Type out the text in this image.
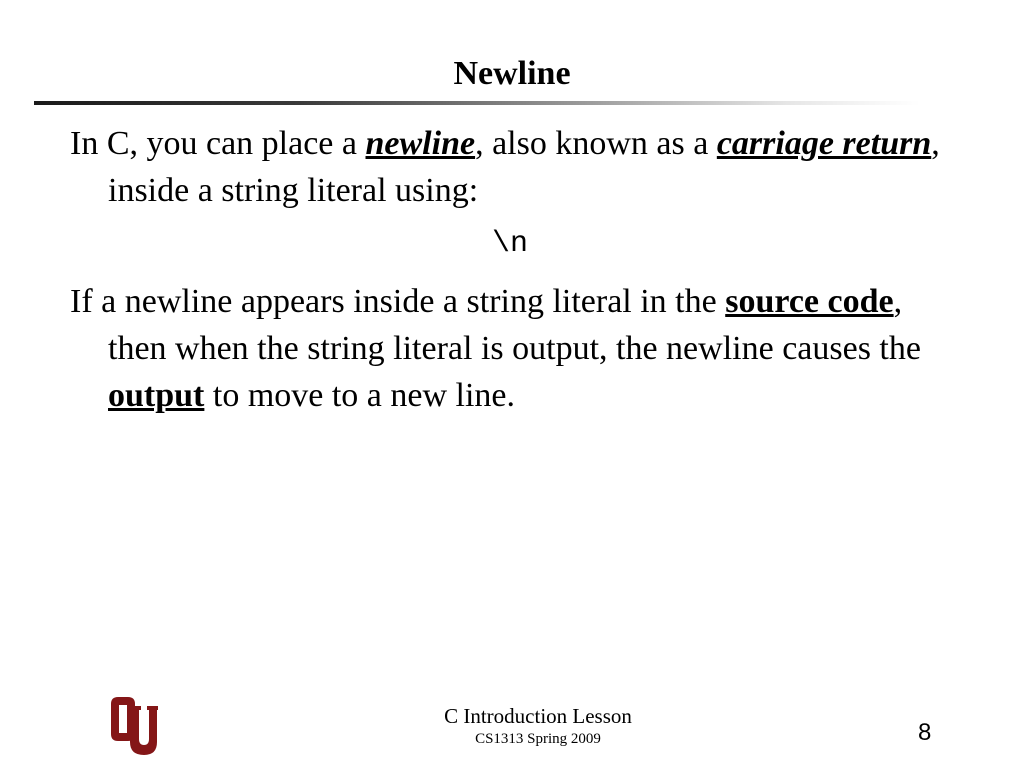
Newline

In C, you can place a newline, also known as a carriage return, inside a string literal using:

\n

If a newline appears inside a string literal in the source code, then when the string literal is output, the newline causes the output to move to a new line.

C Introduction Lesson
CS1313 Spring 2009	8
